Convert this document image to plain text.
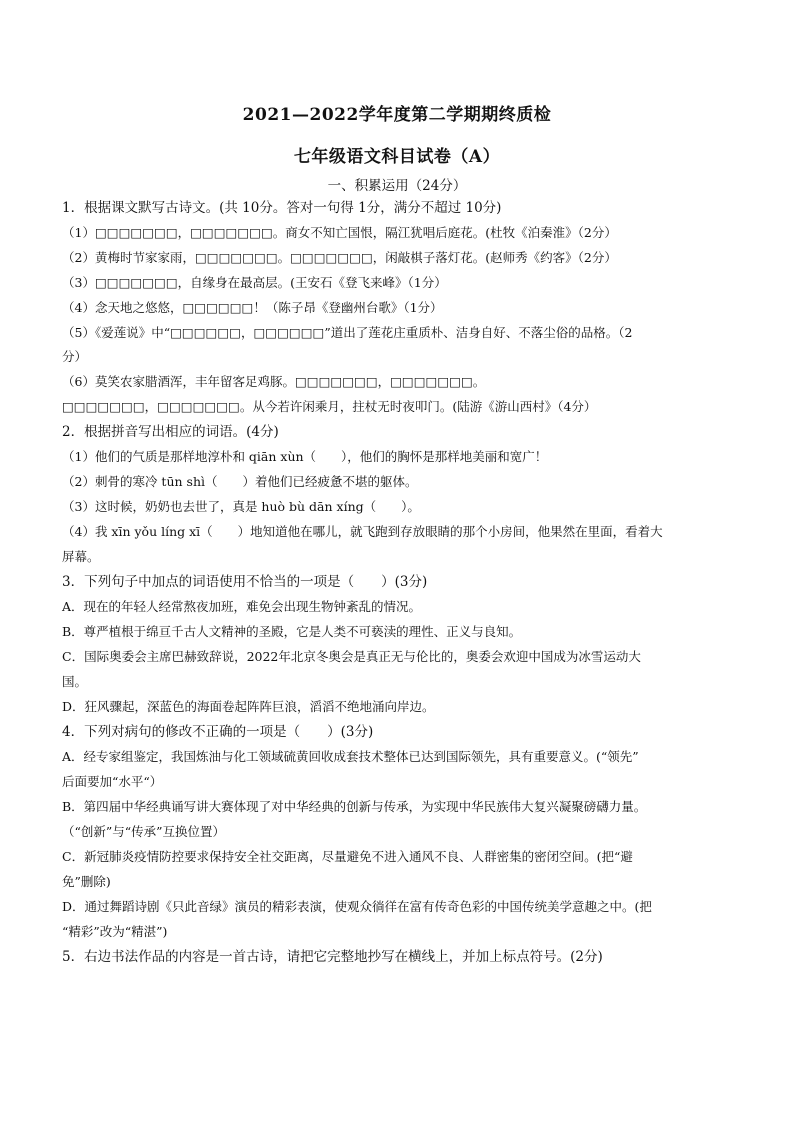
2021—2022学年度第二学期期终质检
七年级语文科目试卷（A）
一、积累运用（24分）
1．根据课文默写古诗文。(共 10分。答对一句得 1分，满分不超过 10分)
（1）□□□□□□□，□□□□□□□。商女不知亡国恨，隔江犹唱后庭花。(杜牧《泊秦淮》（2分）
（2）黄梅时节家家雨，□□□□□□□。□□□□□□□，闲敲棋子落灯花。(赵师秀《约客》（2分）
（3）□□□□□□□，自缘身在最高层。(王安石《登飞来峰》（1分）
（4）念天地之悠悠，□□□□□□！（陈子昂《登幽州台歌》（1分）
（5）《爱莲说》中“□□□□□□，□□□□□□”道出了莲花庄重质朴、洁身自好、不落尘俗的品格。（2
分）
（6）莫笑农家腊酒浑，丰年留客足鸡豚。□□□□□□□，□□□□□□□。
□□□□□□□，□□□□□□□。从今若许闲乘月，拄杖无时夜叩门。(陆游《游山西村》（4分）
2．根据拼音写出相应的词语。(4分)
（1）他们的气质是那样地淳朴和 qiān xùn（　　），他们的胸怀是那样地美丽和宽广！
（2）刺骨的寒冷 tūn shì（　　）着他们已经疲惫不堪的躯体。
（3）这时候，奶奶也去世了，真是 huò bù dān xíng（　　）。
（4）我 xīn yǒu líng xī（　　）地知道他在哪儿，就飞跑到存放眼睛的那个小房间，他果然在里面，看着大
屏幕。
3．下列句子中加点的词语使用不恰当的一项是（　　）(3分)
A．现在的年轻人经常熬夜加班，难免会出现生物钟紊乱的情况。
B．尊严植根于绵亘千古人文精神的圣殿，它是人类不可亵渎的理性、正义与良知。
C．国际奥委会主席巴赫致辞说，2022年北京冬奥会是真正无与伦比的，奥委会欢迎中国成为冰雪运动大
国。
D．狂风骤起，深蓝色的海面卷起阵阵巨浪，滔滔不绝地涌向岸边。
4．下列对病句的修改不正确的一项是（　　）(3分)
A．经专家组鉴定，我国炼油与化工领域硫黄回收成套技术整体已达到国际领先，具有重要意义。(“领先”
后面要加“水平“）
B．第四届中华经典诵写讲大赛体现了对中华经典的创新与传承，为实现中华民族伟大复兴凝聚磅礴力量。
（“创新”与“传承”互换位置）
C．新冠肺炎疫情防控要求保持安全社交距离，尽量避免不进入通风不良、人群密集的密闭空间。(把“避
免”删除)
D．通过舞蹈诗剧《只此音绿》演员的精彩表演，使观众徜徉在富有传奇色彩的中国传统美学意趣之中。(把
“精彩”改为“精湛”)
5．右边书法作品的内容是一首古诗，请把它完整地抄写在横线上，并加上标点符号。(2分)
